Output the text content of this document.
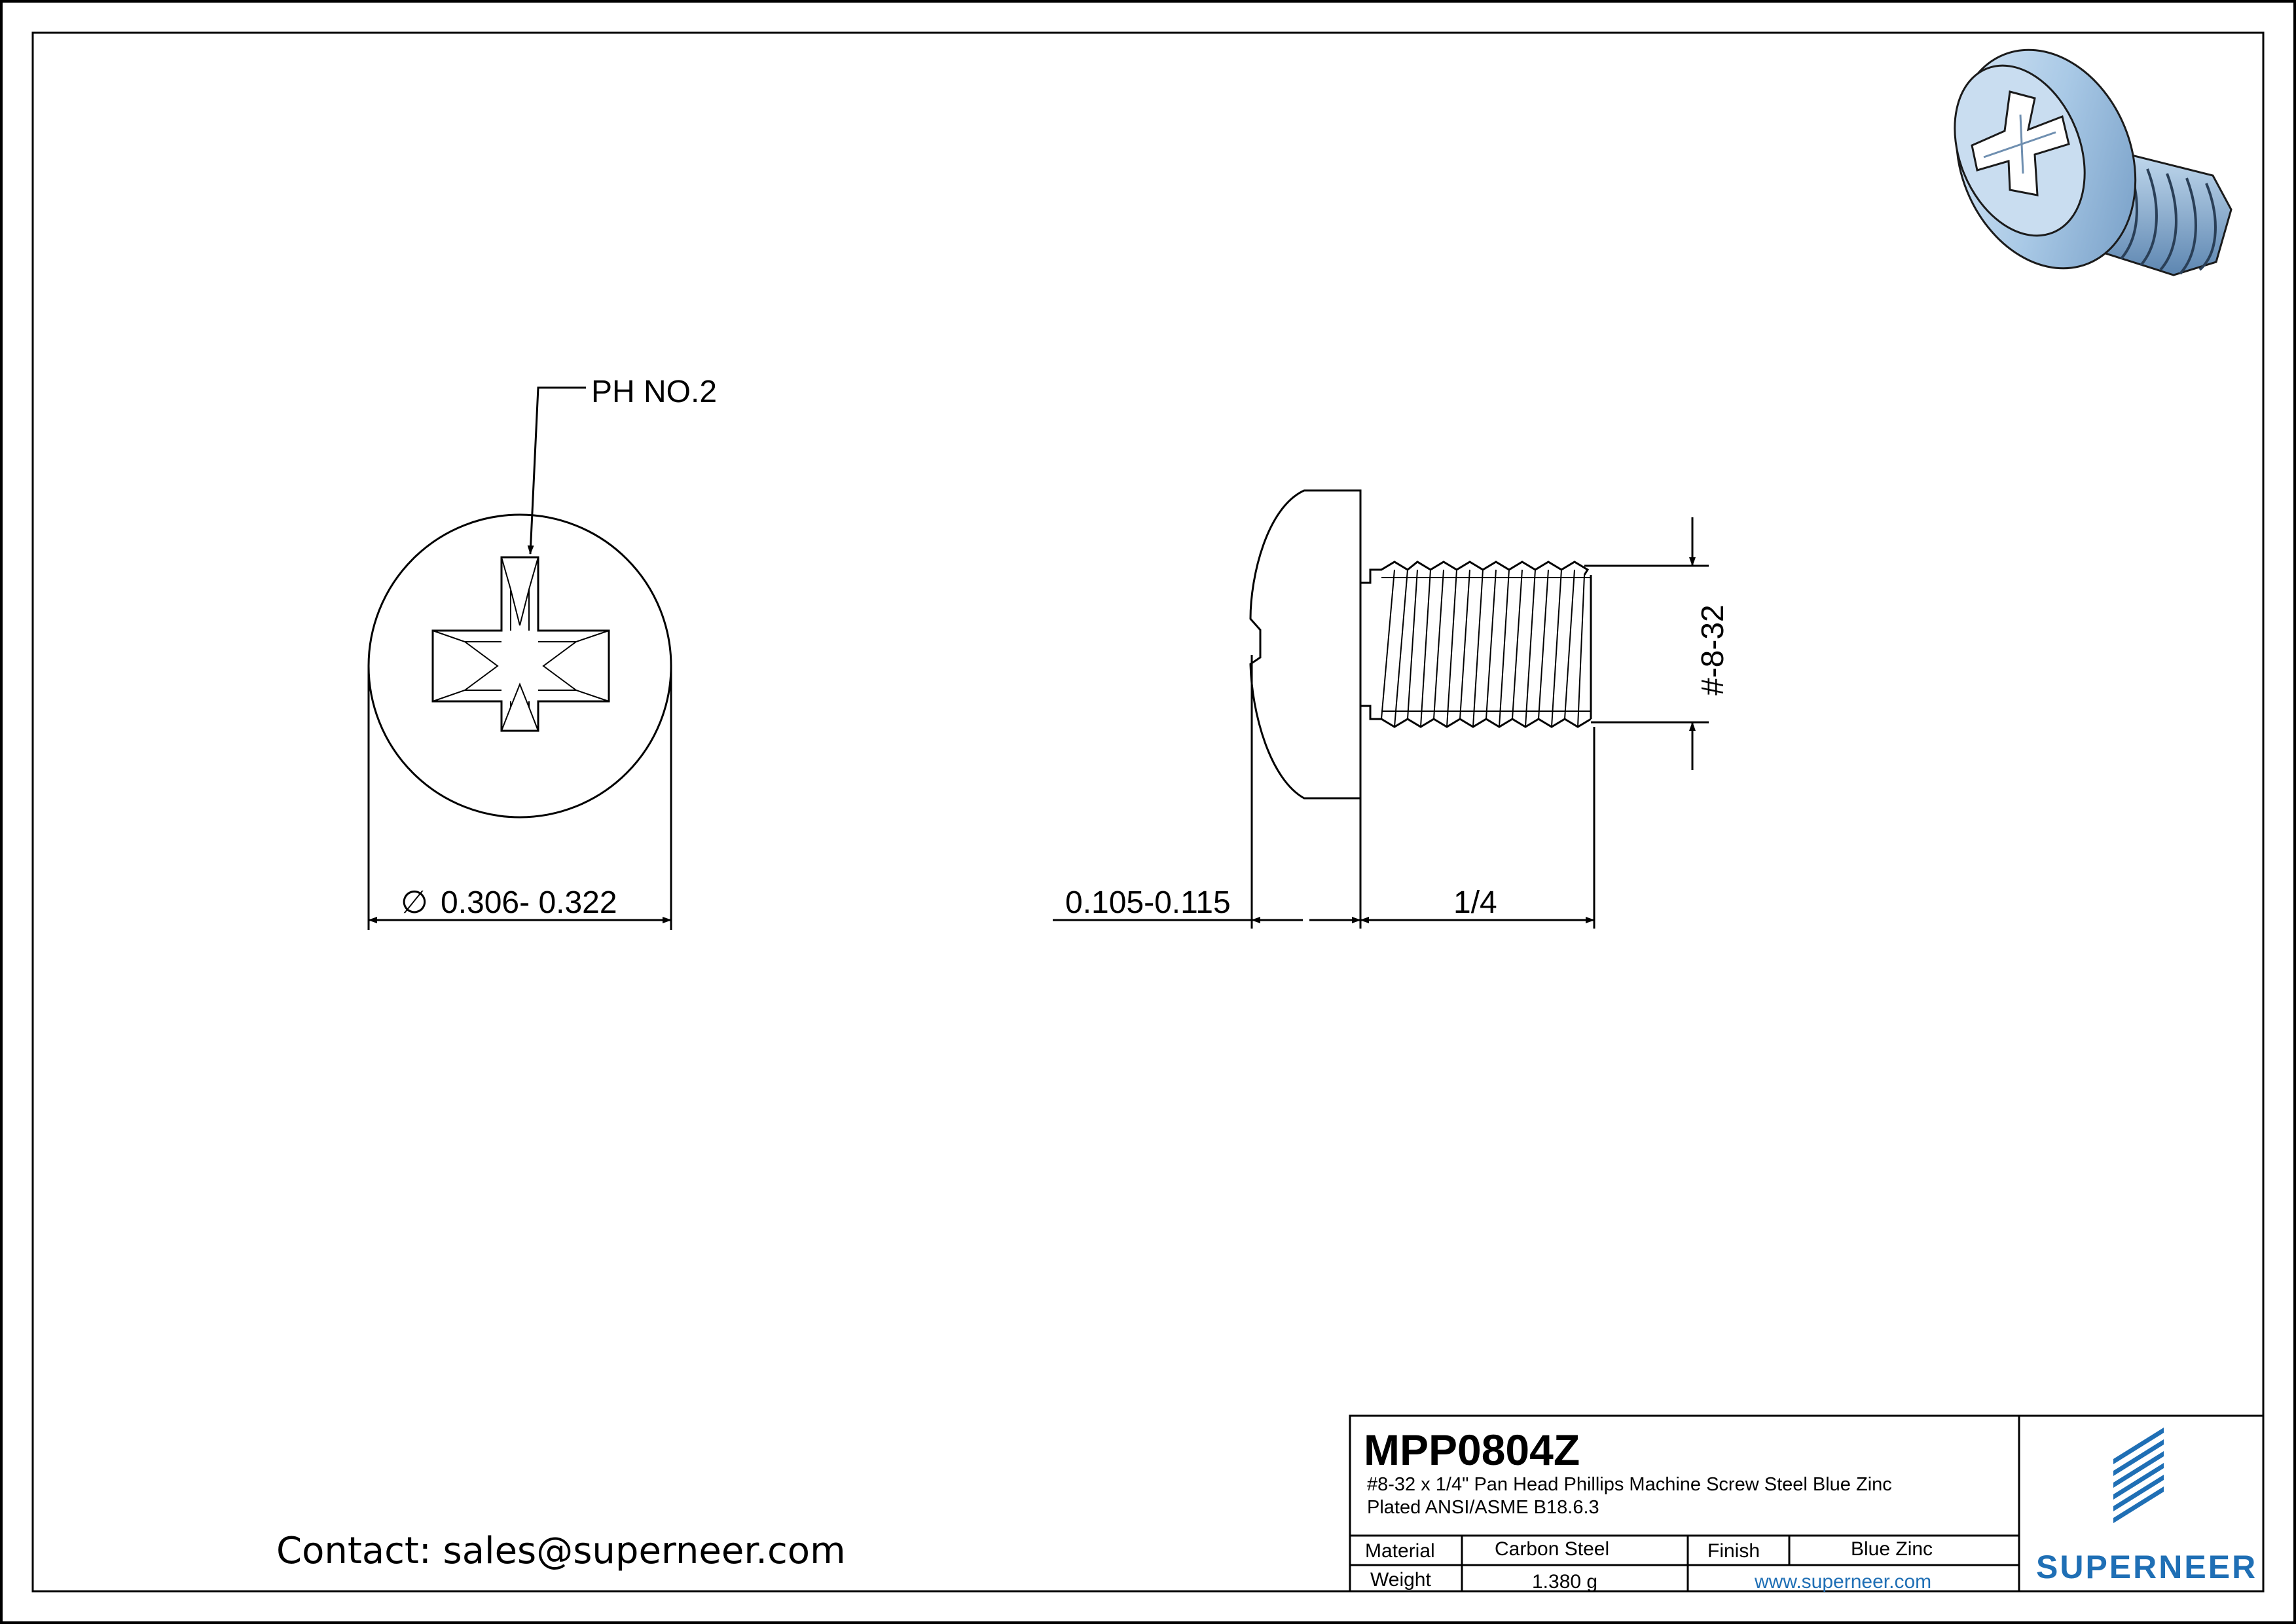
PH NO.2
∅ 0.306- 0.322
#-8-32
0.105-0.115	1/4
MPP0804Z
#8-32 x 1/4" Pan Head Phillips Machine Screw Steel Blue Zinc
Plated ANSI/ASME B18.6.3
Material	Carbon Steel	Finish	Blue Zinc
Weight	1.380 g	www.superneer.com	SUPERNEER
Contact: sales@superneer.com
